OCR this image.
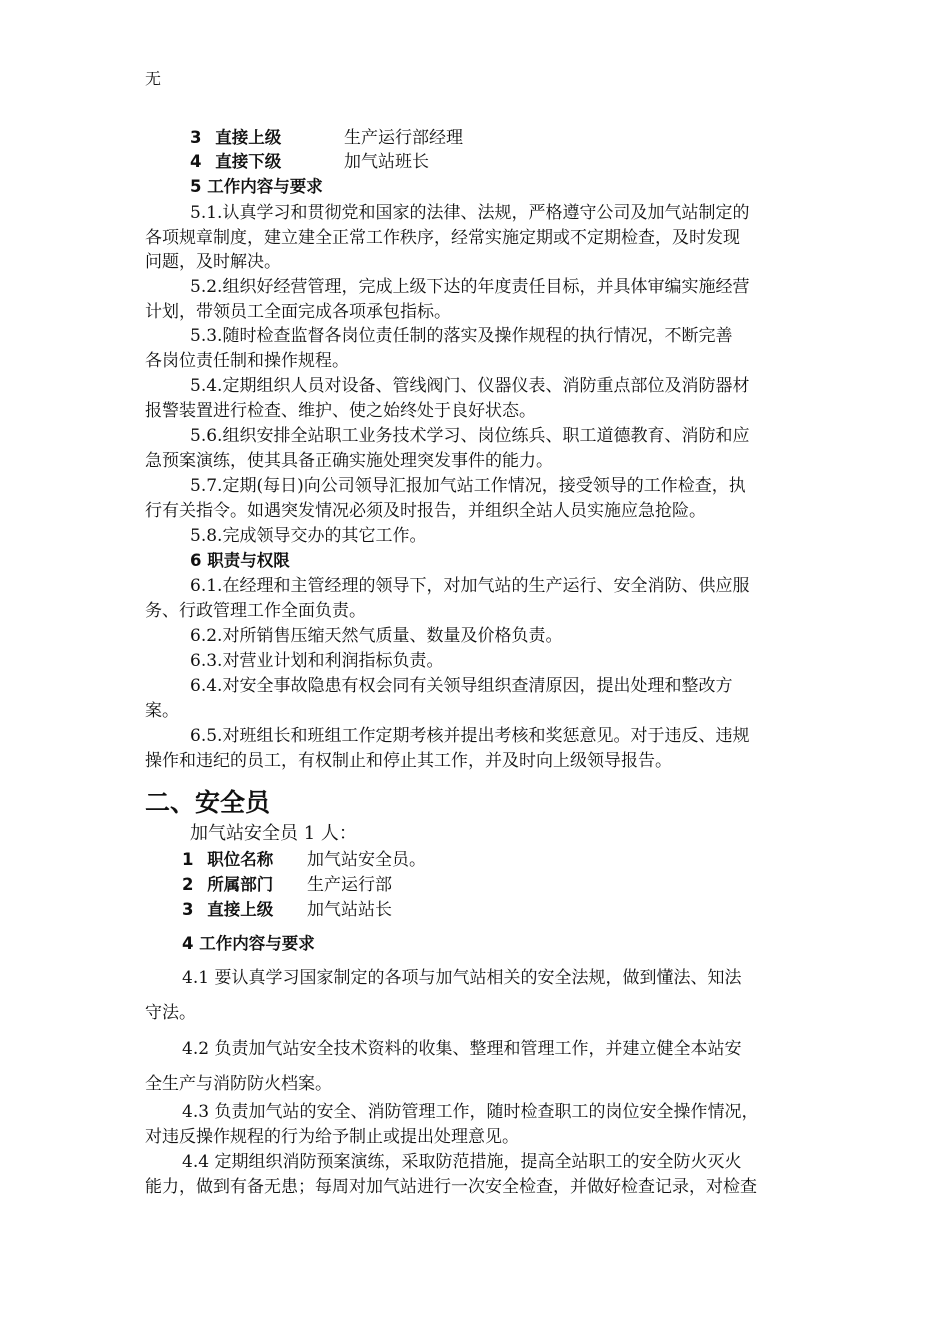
无
3 直接上级	生产运行部经理
4 直接下级	加气站班长
5 工作内容与要求
5.1.认真学习和贯彻党和国家的法律、法规，严格遵守公司及加气站制定的
各项规章制度，建立建全正常工作秩序，经常实施定期或不定期检查，及时发现
问题，及时解决。
5.2.组织好经营管理，完成上级下达的年度责任目标，并具体审编实施经营
计划，带领员工全面完成各项承包指标。
5.3.随时检查监督各岗位责任制的落实及操作规程的执行情况，不断完善
各岗位责任制和操作规程。
5.4.定期组织人员对设备、管线阀门、仪器仪表、消防重点部位及消防器材
报警装置进行检查、维护、使之始终处于良好状态。
5.6.组织安排全站职工业务技术学习、岗位练兵、职工道德教育、消防和应
急预案演练，使其具备正确实施处理突发事件的能力。
5.7.定期(每日)向公司领导汇报加气站工作情况，接受领导的工作检查，执
行有关指令。如遇突发情况必须及时报告，并组织全站人员实施应急抢险。
5.8.完成领导交办的其它工作。
6 职责与权限
6.1.在经理和主管经理的领导下，对加气站的生产运行、安全消防、供应服
务、行政管理工作全面负责。
6.2.对所销售压缩天然气质量、数量及价格负责。
6.3.对营业计划和利润指标负责。
6.4.对安全事故隐患有权会同有关领导组织查清原因，提出处理和整改方
案。
6.5.对班组长和班组工作定期考核并提出考核和奖惩意见。对于违反、违规
操作和违纪的员工，有权制止和停止其工作，并及时向上级领导报告。
二、安全员
加气站安全员 1 人：
1 职位名称 加气站安全员。
2 所属部门 生产运行部
3 直接上级 加气站站长
4 工作内容与要求
4.1 要认真学习国家制定的各项与加气站相关的安全法规，做到懂法、知法
守法。
4.2 负责加气站安全技术资料的收集、整理和管理工作，并建立健全本站安
全生产与消防防火档案。
4.3 负责加气站的安全、消防管理工作，随时检查职工的岗位安全操作情况，
对违反操作规程的行为给予制止或提出处理意见。
4.4 定期组织消防预案演练，采取防范措施，提高全站职工的安全防火灭火
能力，做到有备无患；每周对加气站进行一次安全检查，并做好检查记录，对检查
